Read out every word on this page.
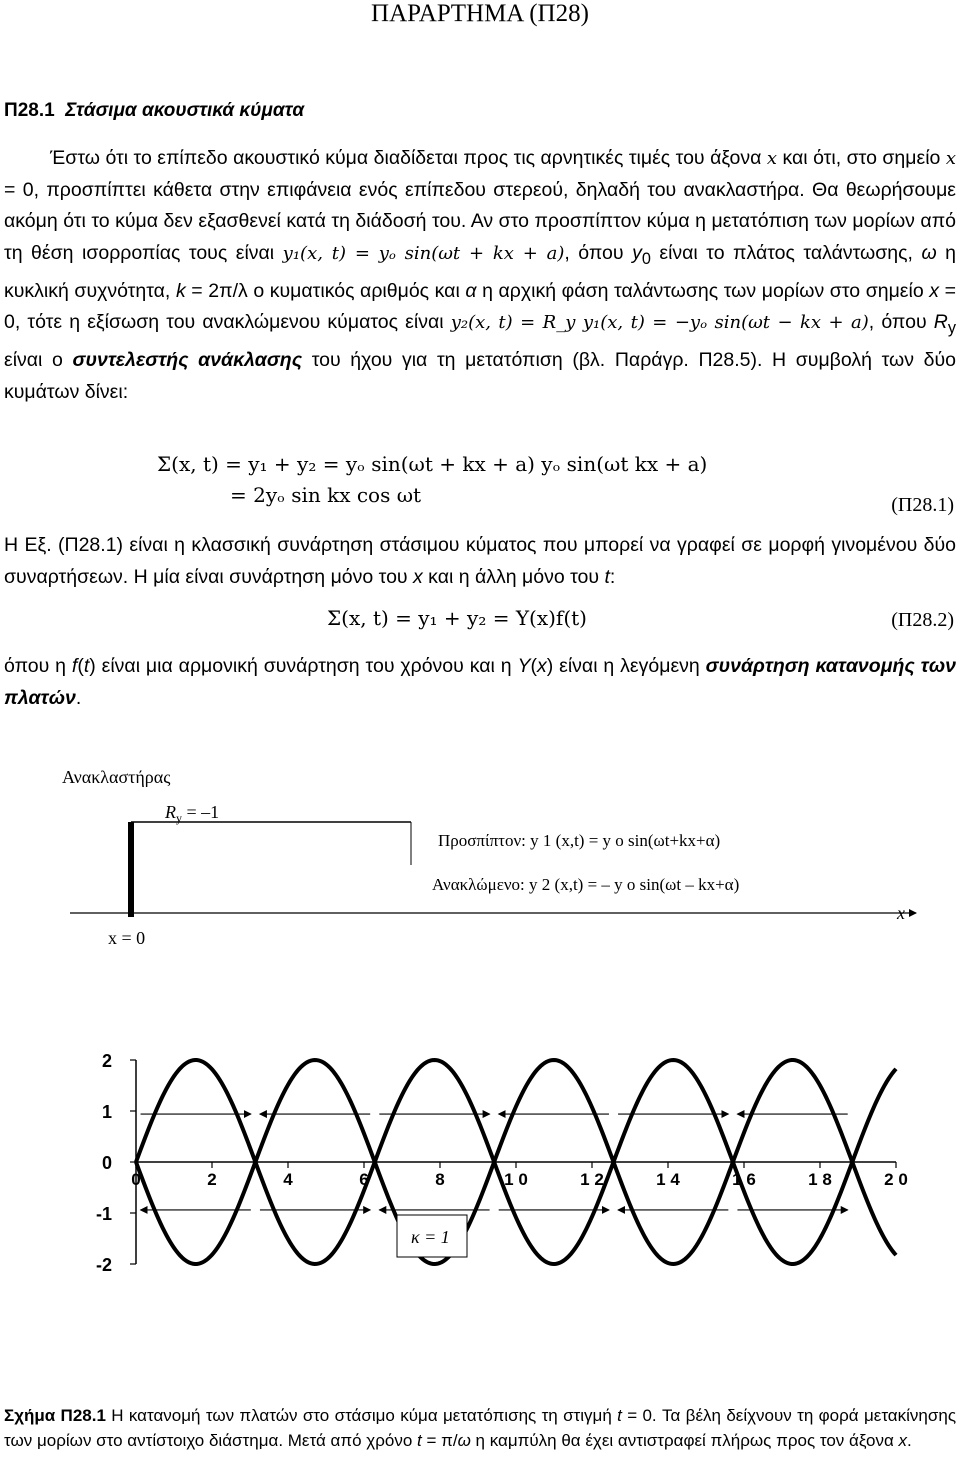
ΠΑΡΑΡΤΗΜΑ (Π28)
Π28.1 Στάσιμα ακουστικά κύματα

Έστω ότι το επίπεδο ακουστικό κύμα διαδίδεται προς τις αρνητικές τιμές του άξονα x και ότι, στο σημείο x = 0, προσπίπτει κάθετα στην επιφάνεια ενός επίπεδου στερεού, δηλαδή του ανακλαστήρα. Θα θεωρήσουμε ακόμη ότι το κύμα δεν εξασθενεί κατά τη διάδοσή του. Αν στο προσπίπτον κύμα η μετατόπιση των μορίων από τη θέση ισορροπίας τους είναι y₁(x, t) = yₒ sin(ωt + kx + a), όπου $y_0$ είναι το πλάτος ταλάντωσης, ω η κυκλική συχνότητα, k = 2π/λ ο κυματικός αριθμός και α η αρχική φάση ταλάντωσης των μορίων στο σημείο x = 0, τότε η εξίσωση του ανακλώμενου κύματος είναι y₂(x, t) = R_y y₁(x, t) = −yₒ sin(ωt − kx + a), όπου $R_y$ είναι ο συντελεστής ανάκλασης του ήχου για τη μετατόπιση (βλ. Παράγρ. Π28.5). Η συμβολή των δύο κυμάτων δίνει:

Σ(x, t) = y₁ + y₂ = yₒ sin(ωt + kx + a) yₒ sin(ωt kx + a)
= 2yₒ sin kx cos ωt	(Π28.1)

Η Εξ. (Π28.1) είναι η κλασσική συνάρτηση στάσιμου κύματος που μπορεί να γραφεί σε μορφή γινομένου δύο συναρτήσεων. Η μία είναι συνάρτηση μόνο του x και η άλλη μόνο του t:

Σ(x, t) = y₁ + y₂ = Y(x)f(t)	(Π28.2)

όπου η f(t) είναι μια αρμονική συνάρτηση του χρόνου και η Y(x) είναι η λεγόμενη συνάρτηση κατανομής των πλατών.

Ανακλαστήρας
$R_y = -1$
Προσπίπτον: y 1 (x,t) = y o sin(ωt+kx+α)
Ανακλώμενο: y 2 (x,t) = – y o sin(ωt – kx+α)
x
x = 0
2
1
0
-1
-2
0	2	4	6	8	1 0	1 2	1 4	1 6	1 8	2 0
κ = 1
Σχήμα Π28.1 Η κατανομή των πλατών στο στάσιμο κύμα μετατόπισης τη στιγμή t = 0. Τα βέλη δείχνουν τη φορά μετακίνησης των μορίων στο αντίστοιχο διάστημα. Μετά από χρόνο t = π/ω η καμπύλη θα έχει αντιστραφεί πλήρως προς τον άξονα x.
